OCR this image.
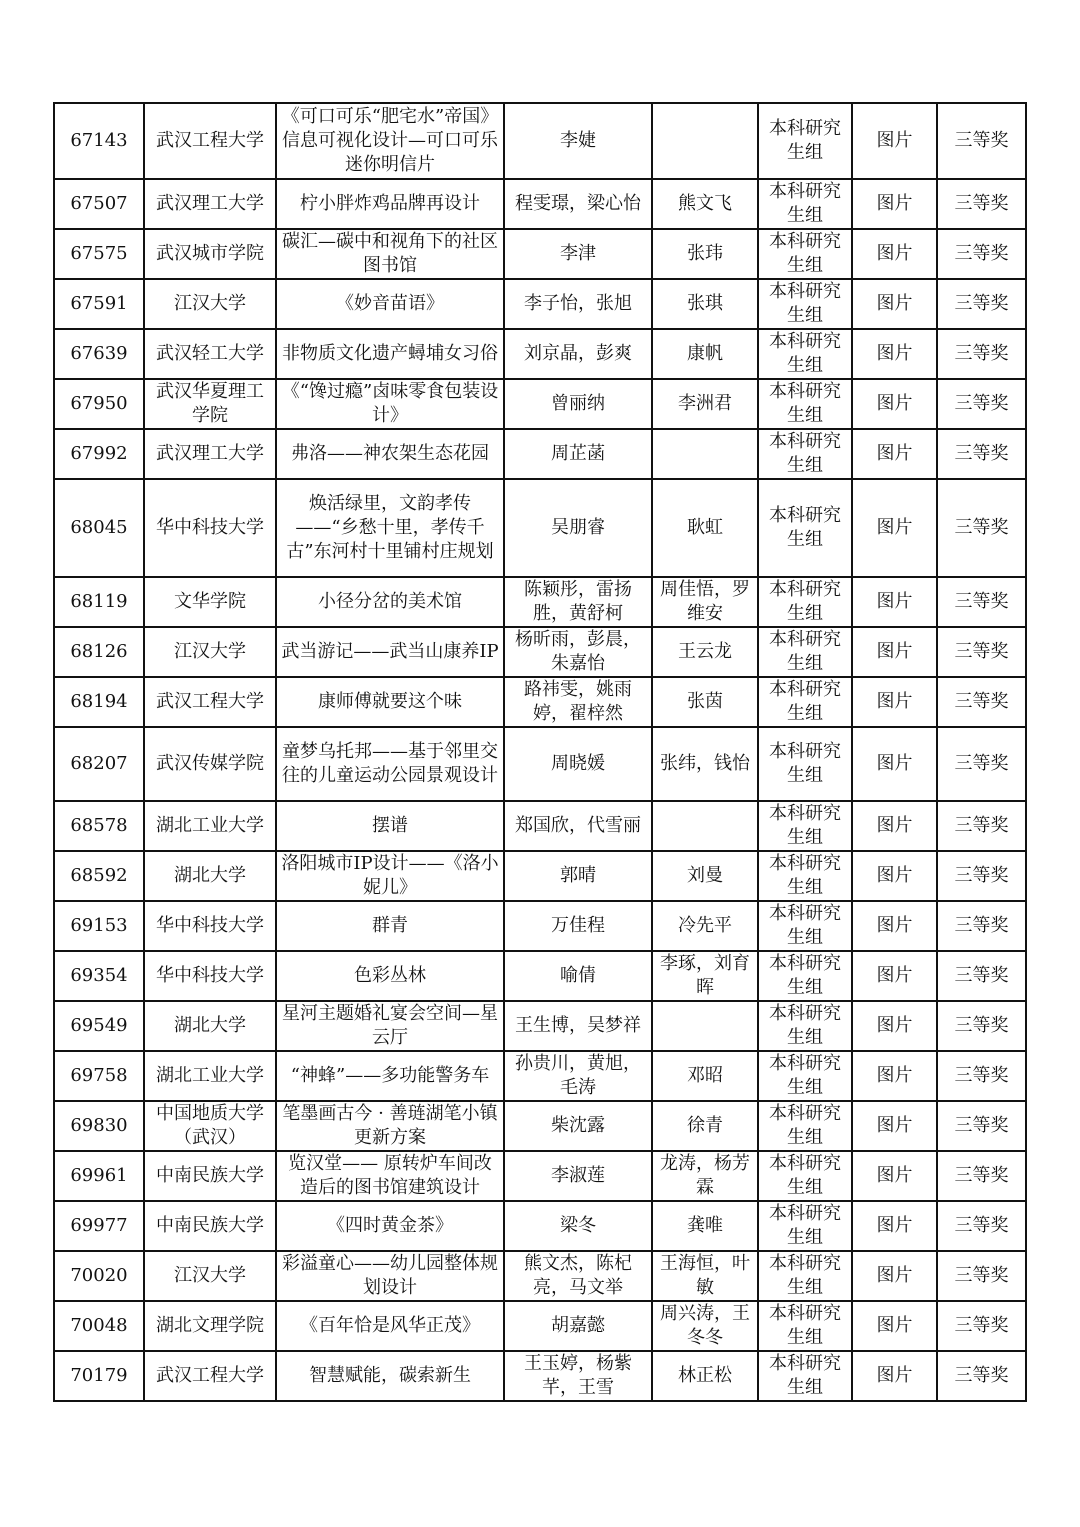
67143	武汉工程大学	《可口可乐“肥宅水”帝国》信息可视化设计—可口可乐迷你明信片	李婕		本科研究生组	图片	三等奖
67507	武汉理工大学	柠小胖炸鸡品牌再设计	程雯璟，梁心怡	熊文飞	本科研究生组	图片	三等奖
67575	武汉城市学院	碳汇—碳中和视角下的社区图书馆	李津	张玮	本科研究生组	图片	三等奖
67591	江汉大学	《妙音苗语》	李子怡，张旭	张琪	本科研究生组	图片	三等奖
67639	武汉轻工大学	非物质文化遗产蟳埔女习俗	刘京晶，彭爽	康帆	本科研究生组	图片	三等奖
67950	武汉华夏理工学院	《“馋过瘾”卤味零食包装设计》	曾丽纳	李洲君	本科研究生组	图片	三等奖
67992	武汉理工大学	弗洛——神农架生态花园	周芷菡		本科研究生组	图片	三等奖
68045	华中科技大学	焕活绿里，文韵孝传——“乡愁十里，孝传千古”东河村十里铺村庄规划	吴朋睿	耿虹	本科研究生组	图片	三等奖
68119	文华学院	小径分岔的美术馆	陈颖彤，雷扬胜，黄舒柯	周佳悟，罗维安	本科研究生组	图片	三等奖
68126	江汉大学	武当游记——武当山康养IP	杨昕雨，彭晨，朱嘉怡	王云龙	本科研究生组	图片	三等奖
68194	武汉工程大学	康师傅就要这个味	路祎雯，姚雨婷，翟梓然	张茵	本科研究生组	图片	三等奖
68207	武汉传媒学院	童梦乌托邦——基于邻里交往的儿童运动公园景观设计	周晓媛	张纬，钱怡	本科研究生组	图片	三等奖
68578	湖北工业大学	摆谱	郑国欣，代雪丽		本科研究生组	图片	三等奖
68592	湖北大学	洛阳城市IP设计——《洛小妮儿》	郭晴	刘曼	本科研究生组	图片	三等奖
69153	华中科技大学	群青	万佳程	冷先平	本科研究生组	图片	三等奖
69354	华中科技大学	色彩丛林	喻倩	李琢，刘育晖	本科研究生组	图片	三等奖
69549	湖北大学	星河主题婚礼宴会空间—星云厅	王生博，吴梦祥		本科研究生组	图片	三等奖
69758	湖北工业大学	“神蜂”——多功能警务车	孙贵川，黄旭，毛涛	邓昭	本科研究生组	图片	三等奖
69830	中国地质大学（武汉）	笔墨画古今 · 善琏湖笔小镇更新方案	柴沈露	徐青	本科研究生组	图片	三等奖
69961	中南民族大学	览汉堂—— 原转炉车间改造后的图书馆建筑设计	李淑莲	龙涛，杨芳霖	本科研究生组	图片	三等奖
69977	中南民族大学	《四时黄金茶》	梁冬	龚唯	本科研究生组	图片	三等奖
70020	江汉大学	彩溢童心——幼儿园整体规划设计	熊文杰，陈杞亮，马文举	王海恒，叶敏	本科研究生组	图片	三等奖
70048	湖北文理学院	《百年恰是风华正茂》	胡嘉懿	周兴涛，王冬冬	本科研究生组	图片	三等奖
70179	武汉工程大学	智慧赋能，碳索新生	王玉婷，杨紫芊，王雪	林正松	本科研究生组	图片	三等奖
